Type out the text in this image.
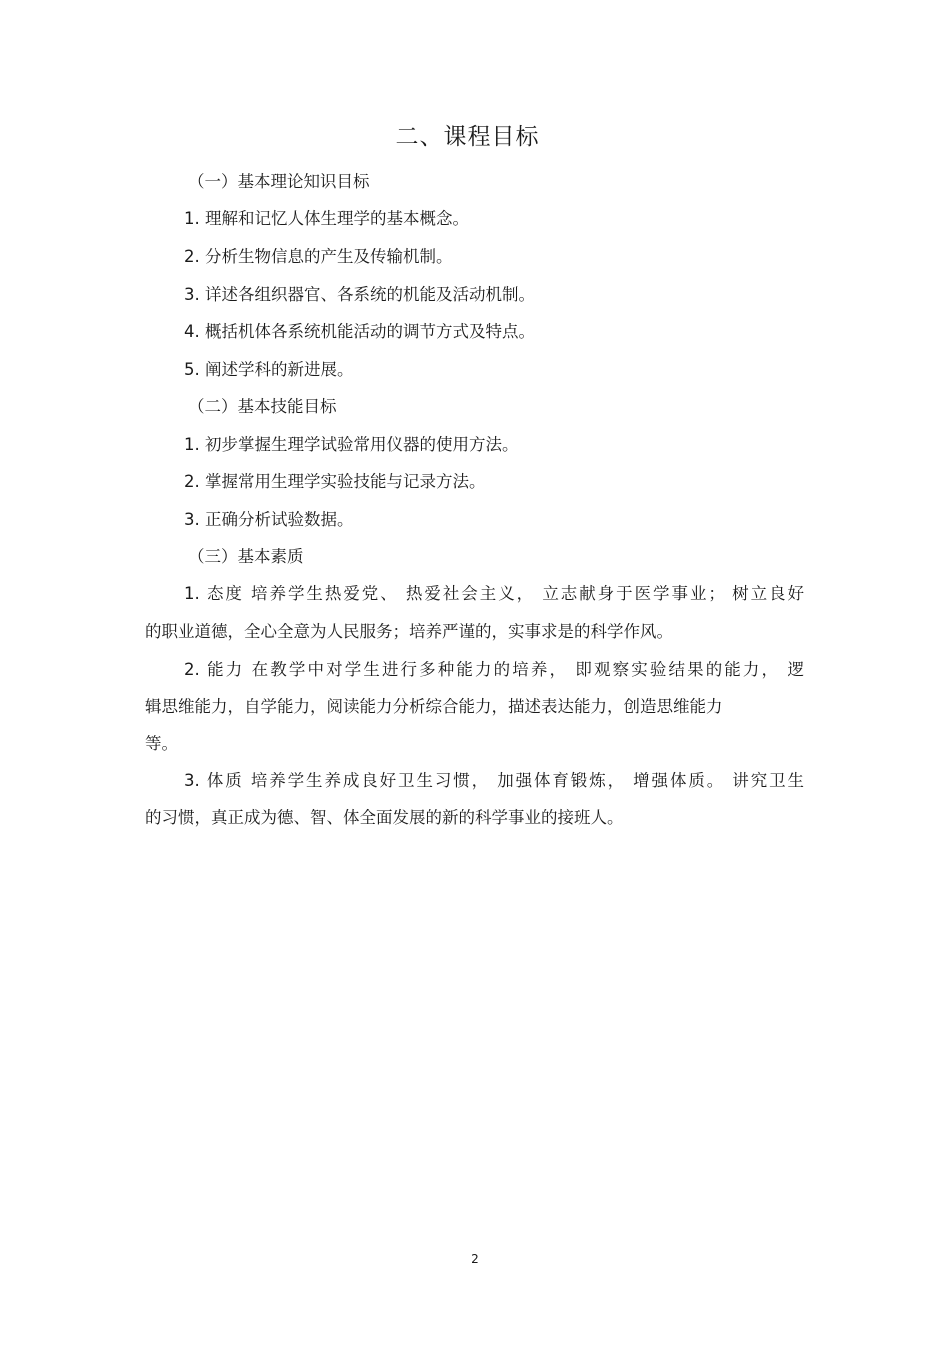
二、课程目标
（一）基本理论知识目标
1. 理解和记忆人体生理学的基本概念。
2. 分析生物信息的产生及传输机制。
3. 详述各组织器官、各系统的机能及活动机制。
4. 概括机体各系统机能活动的调节方式及特点。
5. 阐述学科的新进展。
（二）基本技能目标
1. 初步掌握生理学试验常用仪器的使用方法。
2. 掌握常用生理学实验技能与记录方法。
3. 正确分析试验数据。
（三）基本素质
1. 态度 培养学生热爱党、 热爱社会主义， 立志献身于医学事业； 树立良好
的职业道德，全心全意为人民服务；培养严谨的，实事求是的科学作风。
2. 能力 在教学中对学生进行多种能力的培养， 即观察实验结果的能力， 逻
辑思维能力，自学能力，阅读能力分析综合能力，描述表达能力，创造思维能力
等。
3. 体质 培养学生养成良好卫生习惯， 加强体育锻炼， 增强体质。 讲究卫生
的习惯，真正成为德、智、体全面发展的新的科学事业的接班人。
2
